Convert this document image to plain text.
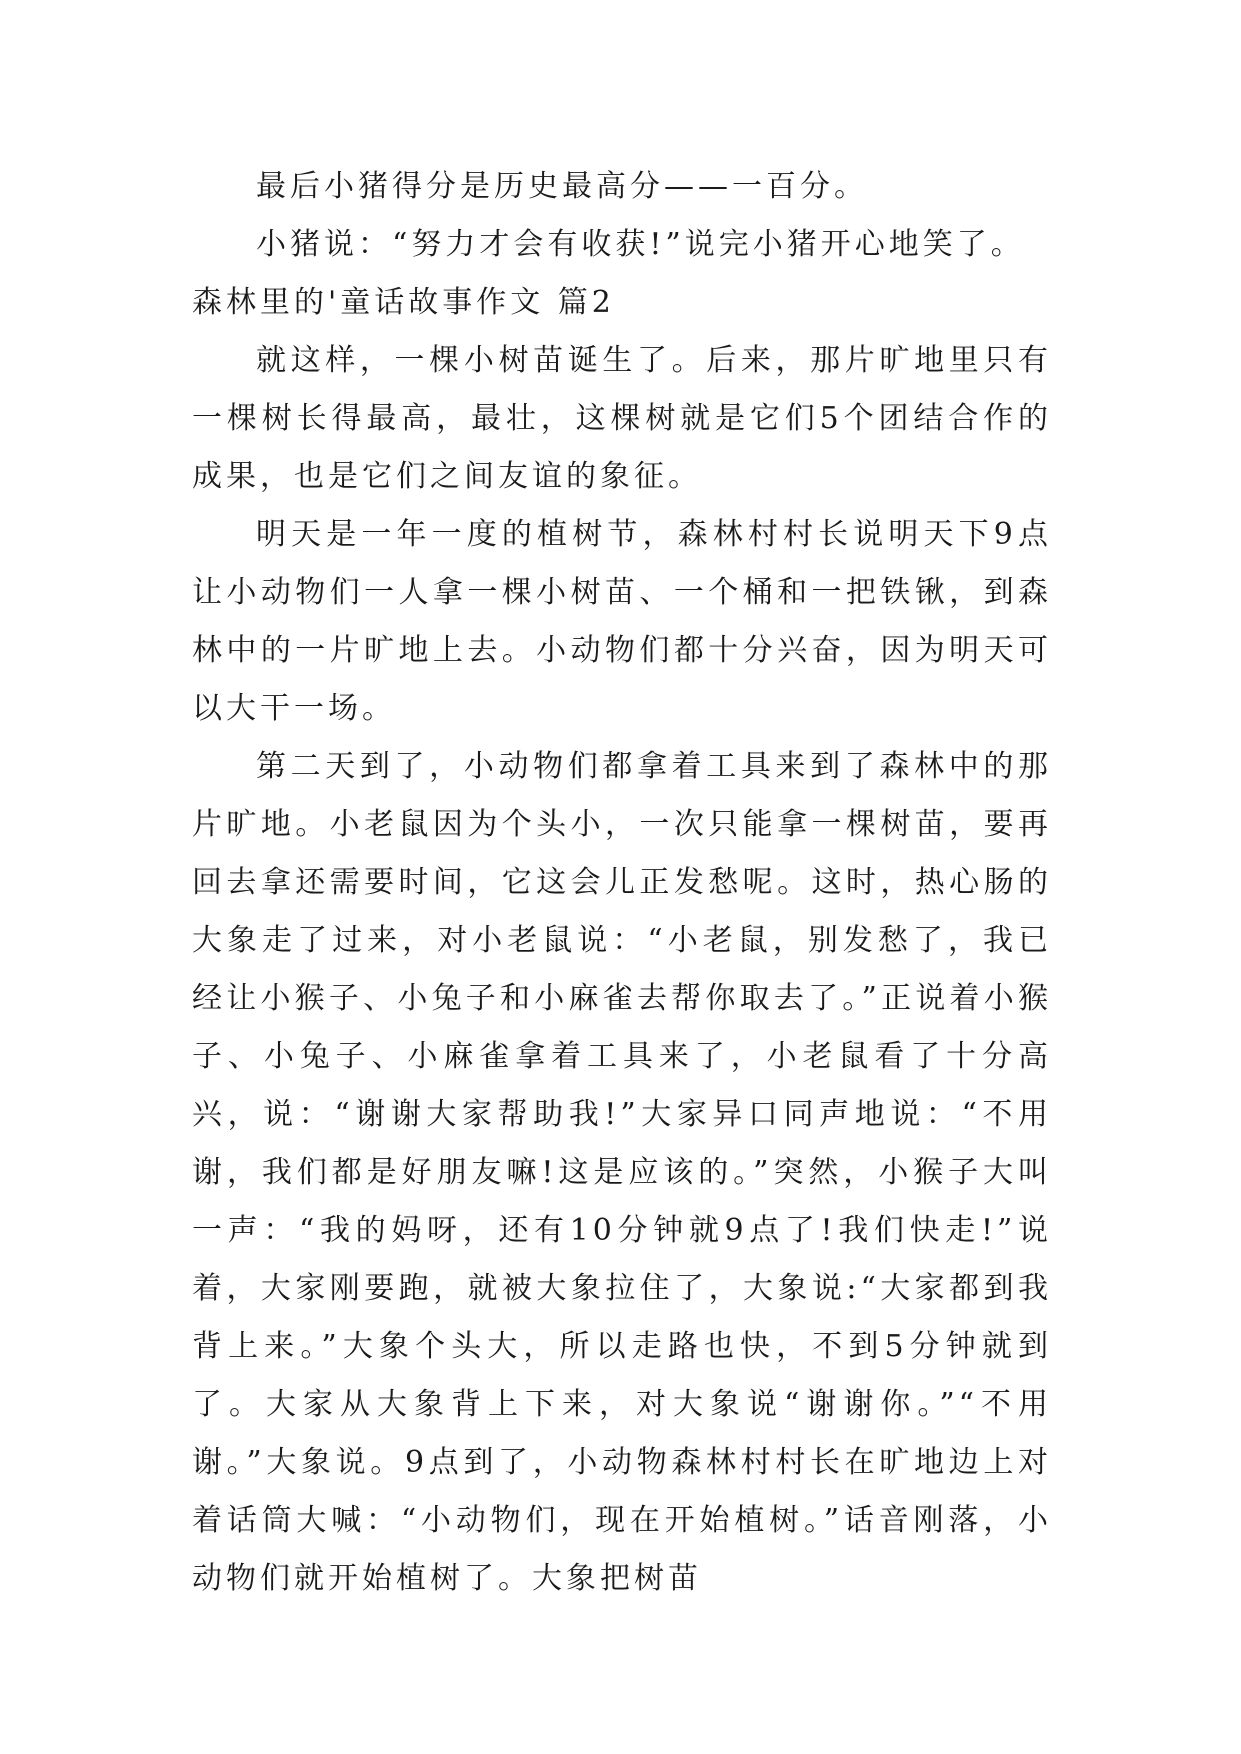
最后小猪得分是历史最高分——一百分。

小猪说：“努力才会有收获!”说完小猪开心地笑了。

森林里的'童话故事作文 篇2

就这样，一棵小树苗诞生了。后来，那片旷地里只有一棵树长得最高，最壮，这棵树就是它们5个团结合作的成果，也是它们之间友谊的象征。

明天是一年一度的植树节，森林村村长说明天下9点让小动物们一人拿一棵小树苗、一个桶和一把铁锹，到森林中的一片旷地上去。小动物们都十分兴奋，因为明天可以大干一场。

第二天到了，小动物们都拿着工具来到了森林中的那片旷地。小老鼠因为个头小，一次只能拿一棵树苗，要再回去拿还需要时间，它这会儿正发愁呢。这时，热心肠的大象走了过来，对小老鼠说：“小老鼠，别发愁了，我已经让小猴子、小兔子和小麻雀去帮你取去了。”正说着小猴子、小兔子、小麻雀拿着工具来了，小老鼠看了十分高兴，说：“谢谢大家帮助我!”大家异口同声地说：“不用谢，我们都是好朋友嘛!这是应该的。”突然，小猴子大叫一声：“我的妈呀，还有10分钟就9点了!我们快走!”说着，大家刚要跑，就被大象拉住了，大象说:“大家都到我背上来。”大象个头大，所以走路也快，不到5分钟就到了。大家从大象背上下来，对大象说“谢谢你。”“不用谢。”大象说。9点到了，小动物森林村村长在旷地边上对着话筒大喊：“小动物们，现在开始植树。”话音刚落，小动物们就开始植树了。大象把树苗
